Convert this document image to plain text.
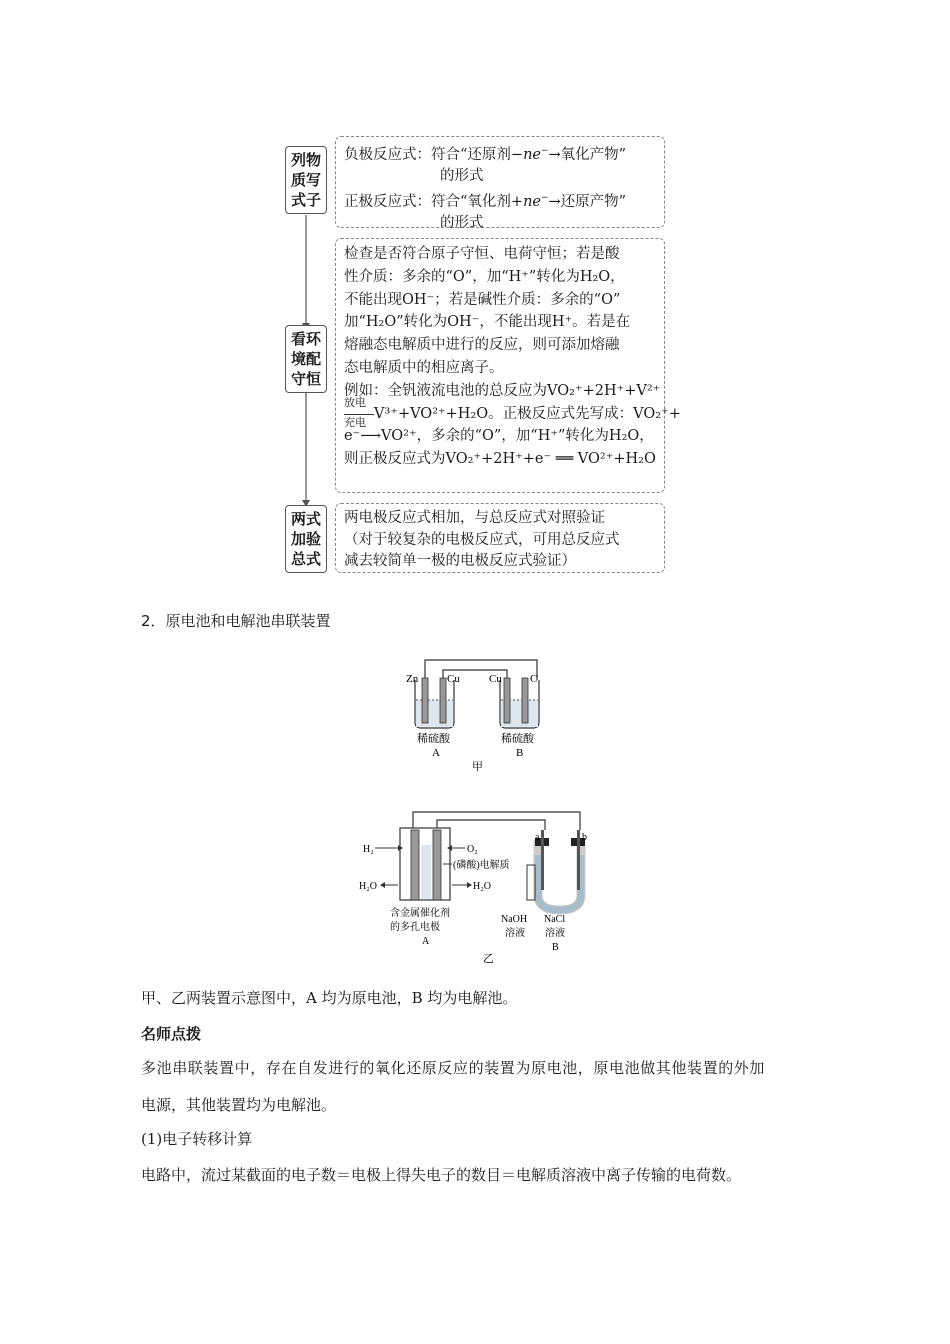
列物
质写
式子
看环
境配
守恒
两式
加验
总式
负极反应式：符合“还原剂−ne−→氧化产物”
的形式
正极反应式：符合“氧化剂+ne−→还原产物”
的形式
检查是否符合原子守恒、电荷守恒；若是酸
性介质：多余的“O”，加“H⁺”转化为H₂O，
不能出现OH⁻；若是碱性介质：多余的“O”
加“H₂O”转化为OH⁻，不能出现H⁺。若是在
熔融态电解质中进行的反应，则可添加熔融
态电解质中的相应离子。
例如：全钒液流电池的总反应为VO₂⁺+2H⁺+V²⁺
放电
充电
V³⁺+VO²⁺+H₂O。正极反应式先写成：VO₂⁺+
e⁻⟶VO²⁺，多余的“O”，加“H⁺”转化为H₂O，
则正极反应式为VO₂⁺+2H⁺+e⁻ ══ VO²⁺+H₂O
两电极反应式相加，与总反应式对照验证
（对于较复杂的电极反应式，可用总反应式
减去较简单一极的电极反应式验证）
2．原电池和电解池串联装置
Zn	Cu	Cu	C
稀硫酸
A
稀硫酸
B
甲
H₂	O₂
(磷酸)电解质
H₂O	H₂O
含金属催化剂
的多孔电极
A
a	b
NaOH
溶液
NaCl
溶液
B
乙
甲、乙两装置示意图中，A 均为原电池，B 均为电解池。
名师点拨
多池串联装置中，存在自发进行的氧化还原反应的装置为原电池，原电池做其他装置的外加
电源，其他装置均为电解池。
(1)电子转移计算
电路中，流过某截面的电子数＝电极上得失电子的数目＝电解质溶液中离子传输的电荷数。
